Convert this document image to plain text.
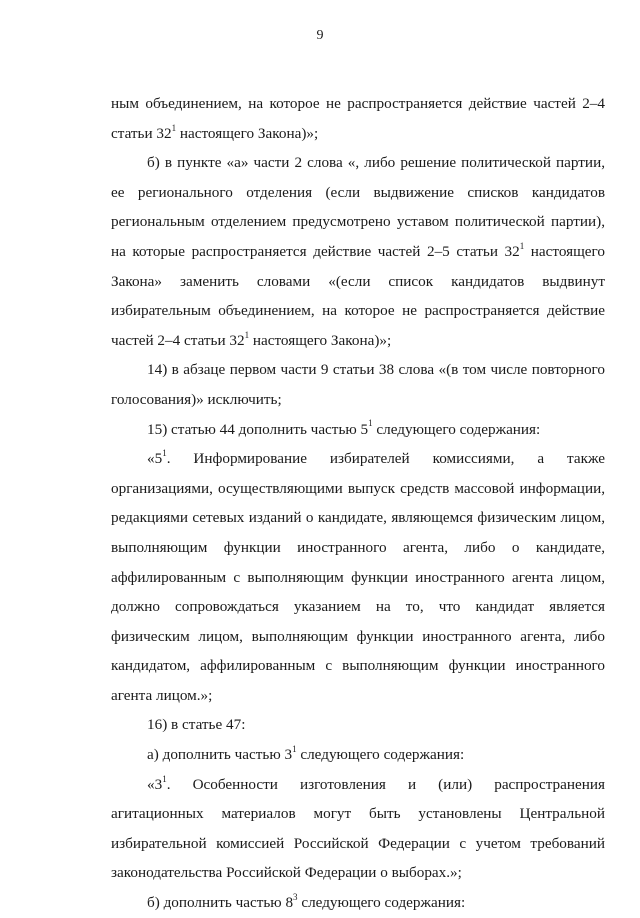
9

ным объединением, на которое не распространяется действие частей 2–4 статьи $32^1$ настоящего Закона)»;

б) в пункте «а» части 2 слова «, либо решение политической партии, ее регионального отделения (если выдвижение списков кандидатов региональным отделением предусмотрено уставом политической партии), на которые распространяется действие частей 2–5 статьи $32^1$ настоящего Закона» заменить словами «(если список кандидатов выдвинут избирательным объединением, на которое не распространяется действие частей 2–4 статьи $32^1$ настоящего Закона)»;

14) в абзаце первом части 9 статьи 38 слова «(в том числе повторного голосования)» исключить;

15) статью 44 дополнить частью $5^1$ следующего содержания:

«$5^1$. Информирование избирателей комиссиями, а также организациями, осуществляющими выпуск средств массовой информации, редакциями сетевых изданий о кандидате, являющемся физическим лицом, выполняющим функции иностранного агента, либо о кандидате, аффилированным с выполняющим функции иностранного агента лицом, должно сопровождаться указанием на то, что кандидат является физическим лицом, выполняющим функции иностранного агента, либо кандидатом, аффилированным с выполняющим функции иностранного агента лицом.»;

16) в статье 47:

а) дополнить частью $3^1$ следующего содержания:

«$3^1$. Особенности изготовления и (или) распространения агитационных материалов могут быть установлены Центральной избирательной комиссией Российской Федерации с учетом требований законодательства Российской Федерации о выборах.»;

б) дополнить частью $8^3$ следующего содержания:
